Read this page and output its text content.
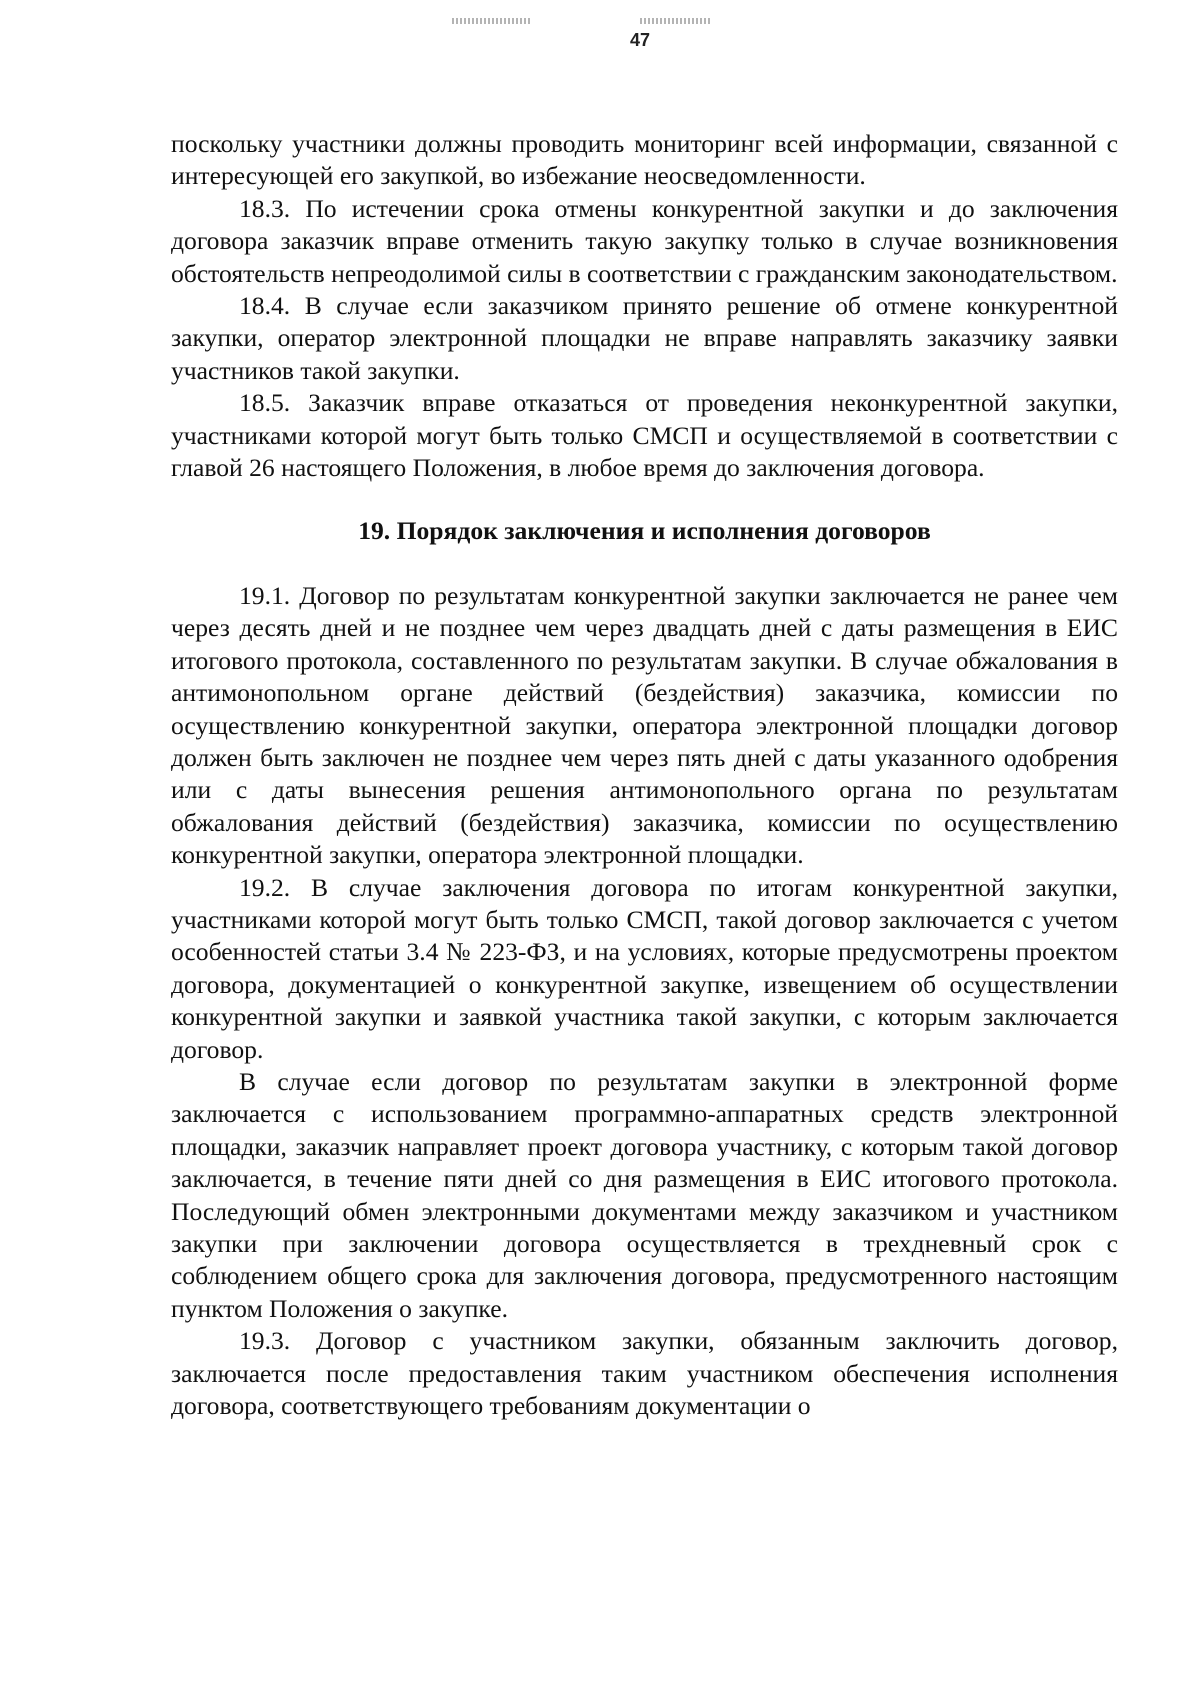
47

поскольку участники должны проводить мониторинг всей информации, связанной с интересующей его закупкой, во избежание неосведомленности.

18.3. По истечении срока отмены конкурентной закупки и до заключения договора заказчик вправе отменить такую закупку только в случае возникновения обстоятельств непреодолимой силы в соответствии с гражданским законодательством.

18.4. В случае если заказчиком принято решение об отмене конкурентной закупки, оператор электронной площадки не вправе направлять заказчику заявки участников такой закупки.

18.5. Заказчик вправе отказаться от проведения неконкурентной закупки, участниками которой могут быть только СМСП и осуществляемой в соответствии с главой 26 настоящего Положения, в любое время до заключения договора.

19. Порядок заключения и исполнения договоров

19.1. Договор по результатам конкурентной закупки заключается не ранее чем через десять дней и не позднее чем через двадцать дней с даты размещения в ЕИС итогового протокола, составленного по результатам закупки. В случае обжалования в антимонопольном органе действий (бездействия) заказчика, комиссии по осуществлению конкурентной закупки, оператора электронной площадки договор должен быть заключен не позднее чем через пять дней с даты указанного одобрения или с даты вынесения решения антимонопольного органа по результатам обжалования действий (бездействия) заказчика, комиссии по осуществлению конкурентной закупки, оператора электронной площадки.

19.2. В случае заключения договора по итогам конкурентной закупки, участниками которой могут быть только СМСП, такой договор заключается с учетом особенностей статьи 3.4 № 223-ФЗ, и на условиях, которые предусмотрены проектом договора, документацией о конкурентной закупке, извещением об осуществлении конкурентной закупки и заявкой участника такой закупки, с которым заключается договор.

В случае если договор по результатам закупки в электронной форме заключается с использованием программно-аппаратных средств электронной площадки, заказчик направляет проект договора участнику, с которым такой договор заключается, в течение пяти дней со дня размещения в ЕИС итогового протокола. Последующий обмен электронными документами между заказчиком и участником закупки при заключении договора осуществляется в трехдневный срок с соблюдением общего срока для заключения договора, предусмотренного настоящим пунктом Положения о закупке.

19.3. Договор с участником закупки, обязанным заключить договор, заключается после предоставления таким участником обеспечения исполнения договора, соответствующего требованиям документации о
